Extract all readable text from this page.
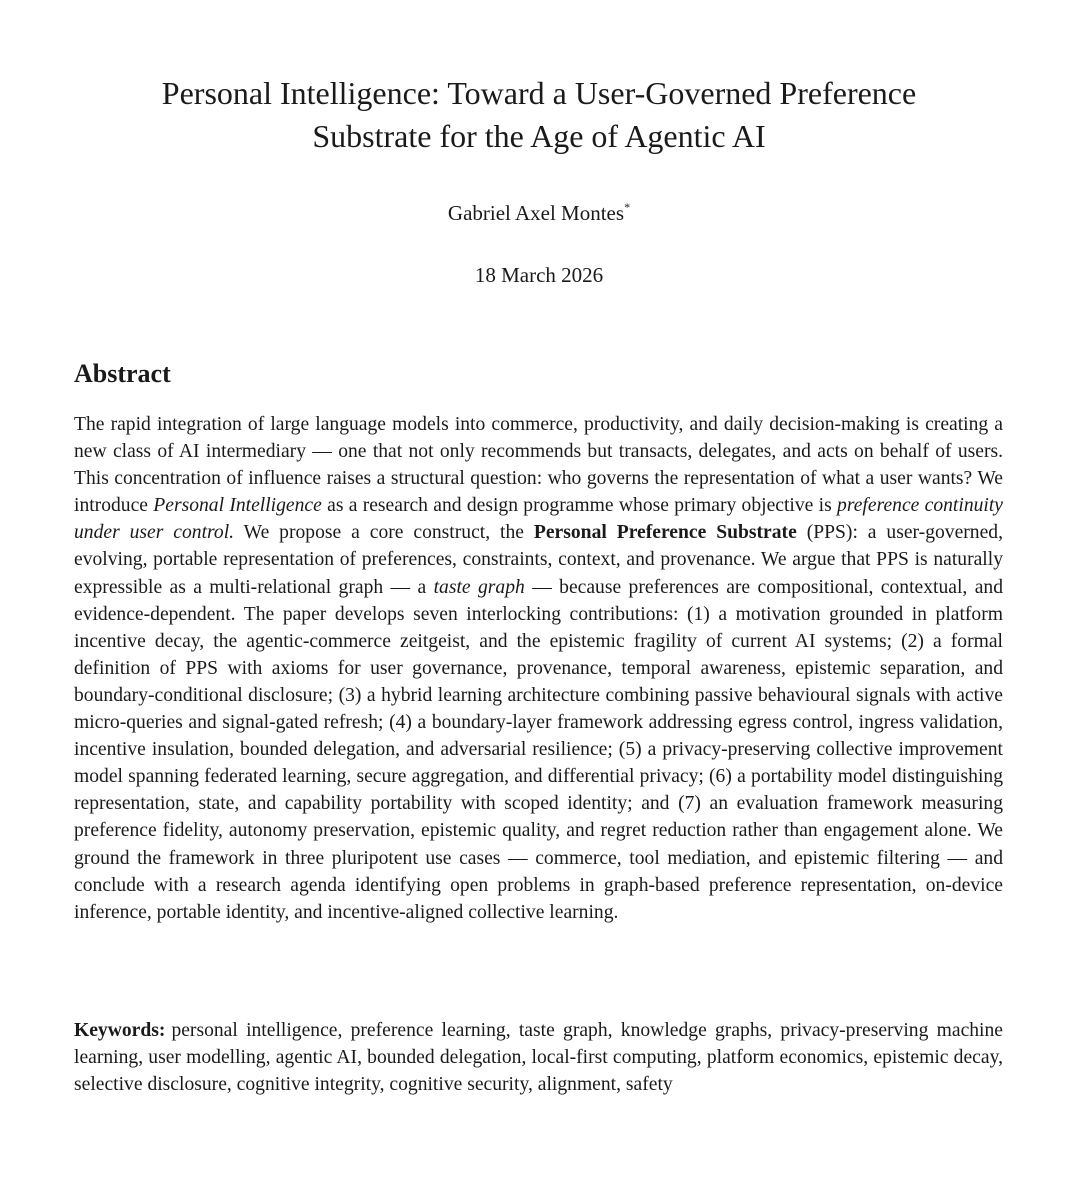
Personal Intelligence: Toward a User-Governed Preference Substrate for the Age of Agentic AI
Gabriel Axel Montes*
18 March 2026
Abstract

The rapid integration of large language models into commerce, productivity, and daily decision-making is creating a new class of AI intermediary — one that not only recommends but transacts, delegates, and acts on behalf of users. This concentration of influence raises a structural question: who governs the representation of what a user wants? We introduce Personal Intelligence as a research and design programme whose primary objective is preference continuity under user control. We propose a core construct, the Personal Preference Substrate (PPS): a user-governed, evolving, portable representation of preferences, constraints, context, and provenance. We argue that PPS is naturally expressible as a multi-relational graph — a taste graph — because preferences are compositional, contextual, and evidence-dependent. The paper develops seven interlocking contributions: (1) a motivation grounded in platform incentive decay, the agentic-commerce zeitgeist, and the epistemic fragility of current AI systems; (2) a formal definition of PPS with axioms for user governance, provenance, temporal awareness, epistemic separation, and boundary-conditional disclosure; (3) a hybrid learning architecture combining passive behavioural signals with active micro-queries and signal-gated refresh; (4) a boundary-layer framework addressing egress control, ingress validation, incentive insulation, bounded delegation, and adversarial resilience; (5) a privacy-preserving collective improvement model spanning federated learning, secure aggregation, and differential privacy; (6) a portability model distinguishing representation, state, and capability portability with scoped identity; and (7) an evaluation framework measuring preference fidelity, autonomy preservation, epistemic quality, and regret reduction rather than engagement alone. We ground the framework in three pluripotent use cases — commerce, tool mediation, and epistemic filtering — and conclude with a research agenda identifying open problems in graph-based preference representation, on-device inference, portable identity, and incentive-aligned collective learning.

Keywords: personal intelligence, preference learning, taste graph, knowledge graphs, privacy-preserving machine learning, user modelling, agentic AI, bounded delegation, local-first computing, platform economics, epistemic decay, selective disclosure, cognitive integrity, cognitive security, alignment, safety
